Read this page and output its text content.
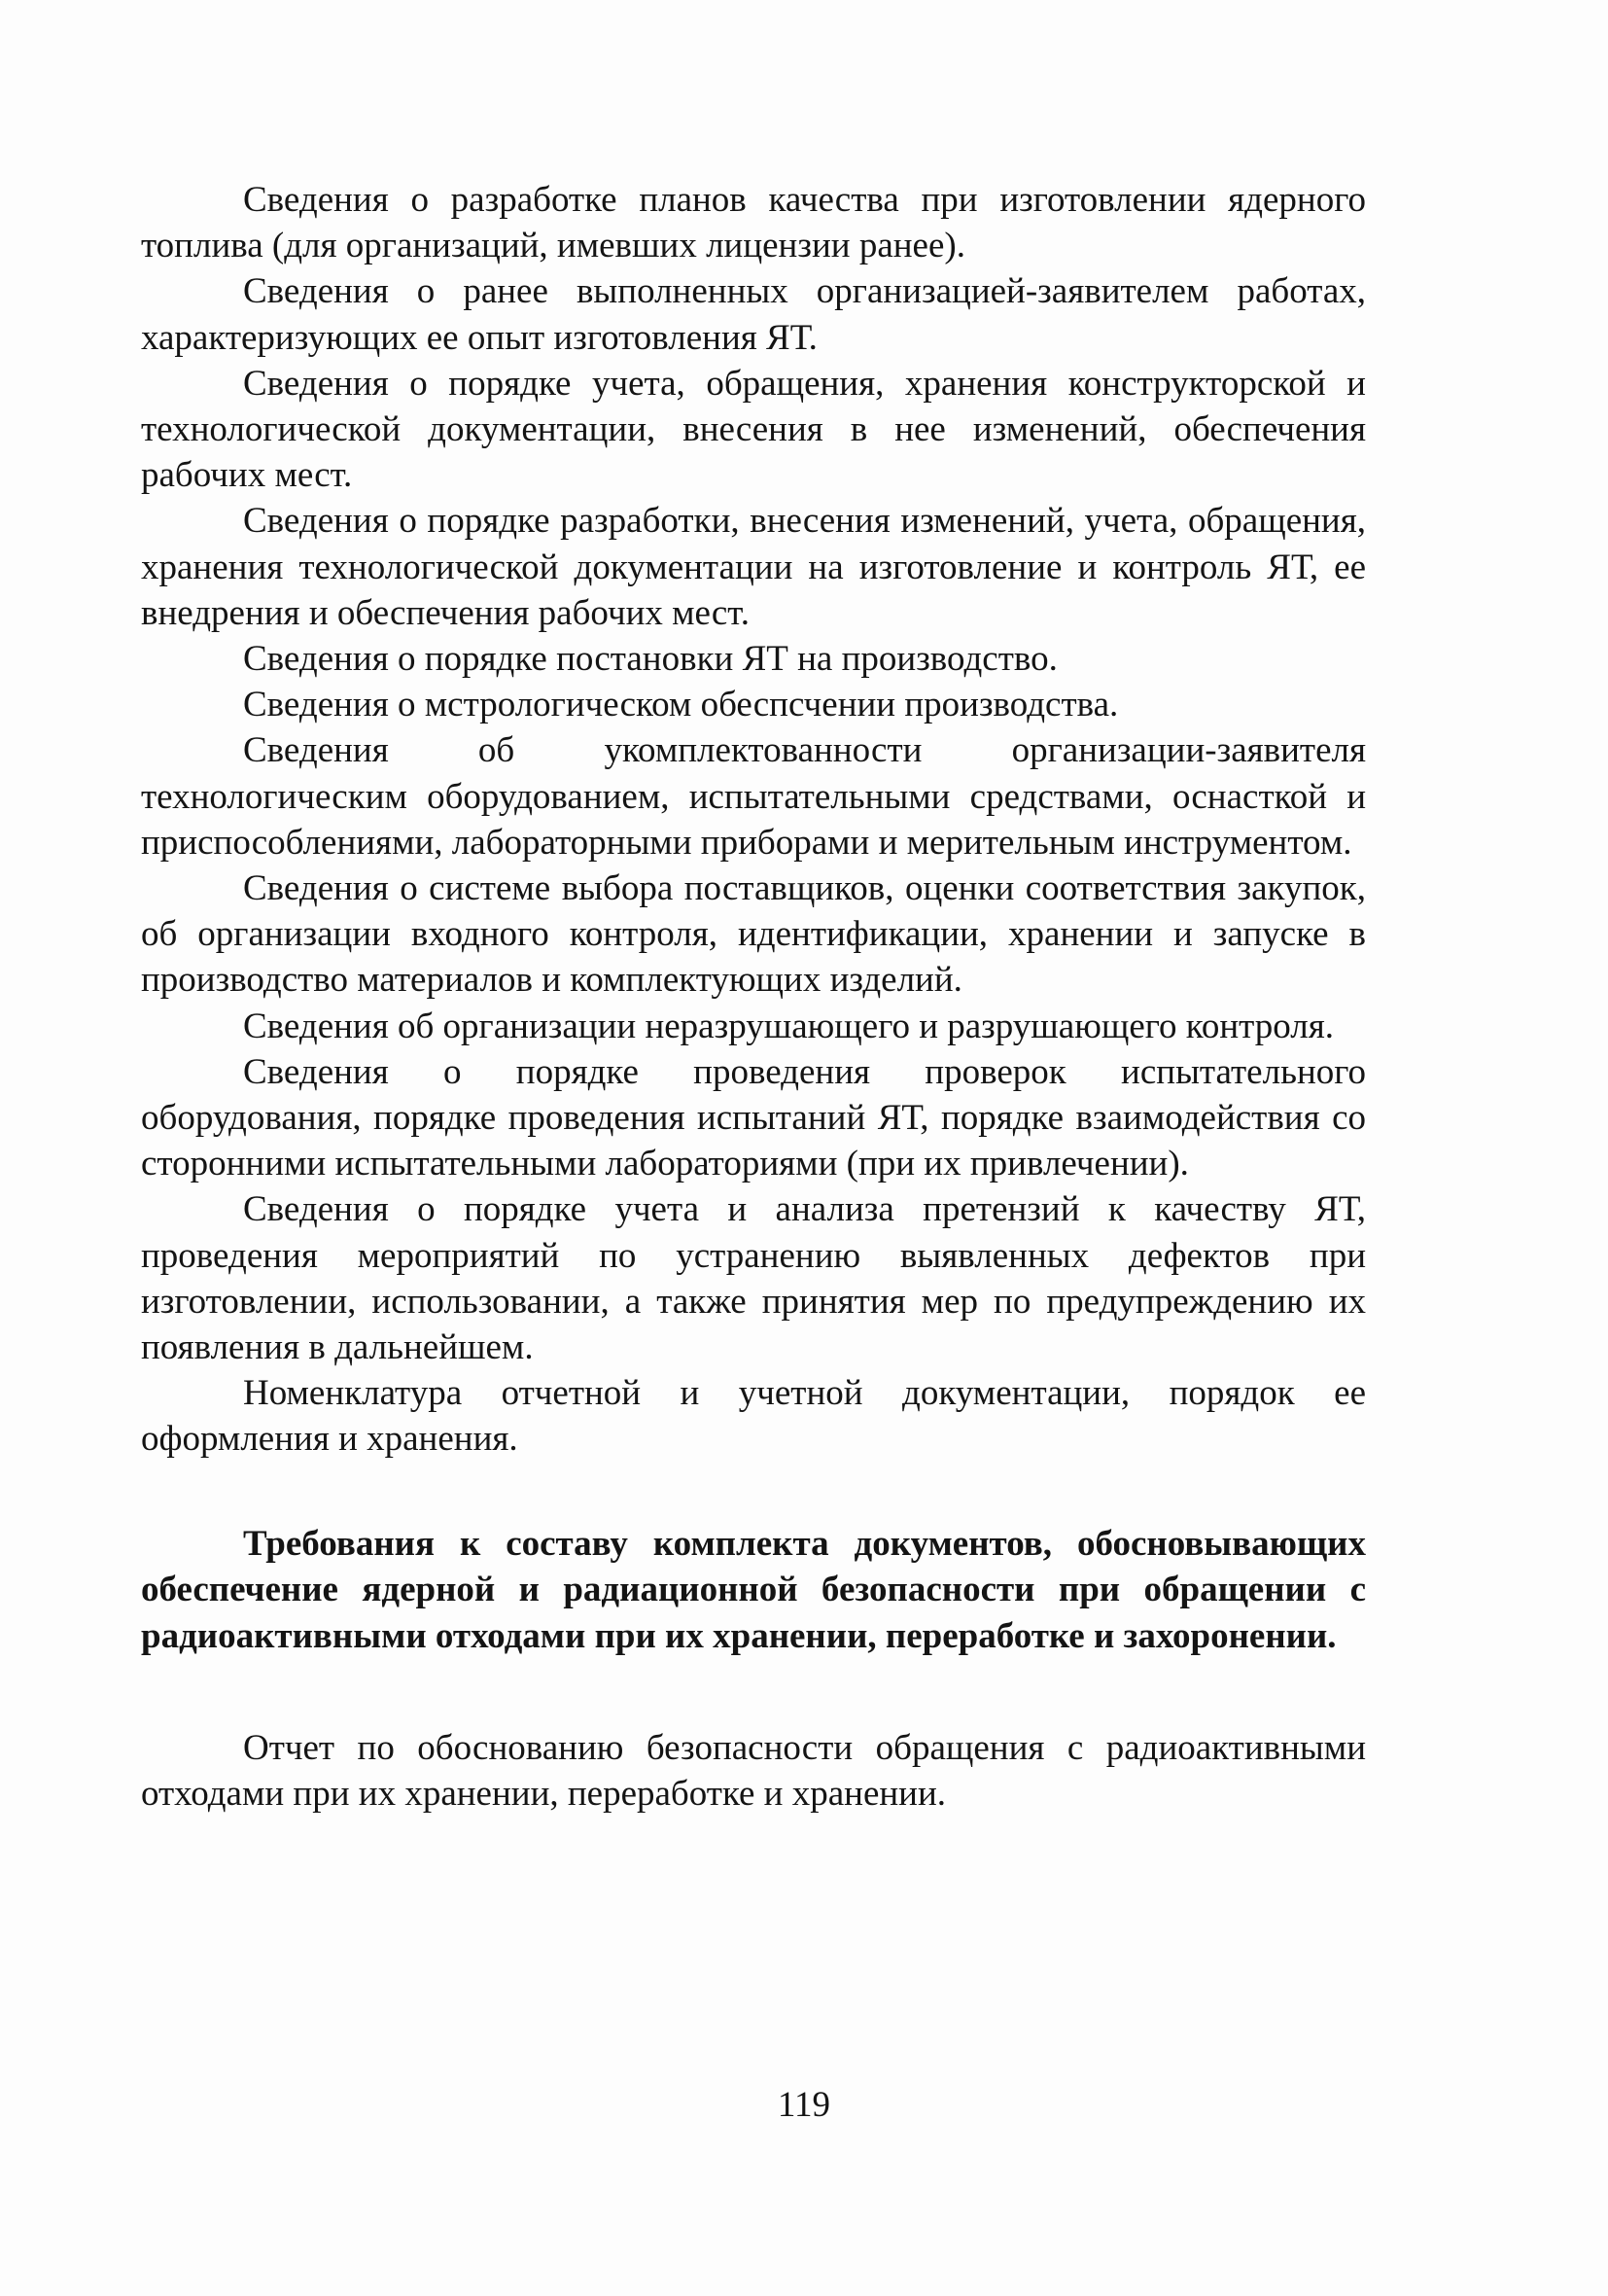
Сведения о разработке планов качества при изготовлении ядерного топлива (для организаций, имевших лицензии ранее).

Сведения о ранее выполненных организацией-заявителем работах, характеризующих ее опыт изготовления ЯТ.

Сведения о порядке учета, обращения, хранения конструкторской и технологической документации, внесения в нее изменений, обеспечения рабочих мест.

Сведения о порядке разработки, внесения изменений, учета, обращения, хранения технологической документации на изготовление и контроль ЯТ, ее внедрения и обеспечения рабочих мест.

Сведения о порядке постановки ЯТ на производство.

Сведения о мстрологическом обеспсчении производства.

Сведения об укомплектованности организации-заявителя технологическим оборудованием, испытательными средствами, оснасткой и приспособлениями, лабораторными приборами и мерительным инструментом.

Сведения о системе выбора поставщиков, оценки соответствия закупок, об организации входного контроля, идентификации, хранении и запуске в производство материалов и комплектующих изделий.

Сведения об организации неразрушающего и разрушающего контроля.

Сведения о порядке проведения проверок испытательного оборудования, порядке проведения испытаний ЯТ, порядке взаимодействия со сторонними испытательными лабораториями (при их привлечении).

Сведения о порядке учета и анализа претензий к качеству ЯТ, проведения мероприятий по устранению выявленных дефектов при изготовлении, использовании, а также принятия мер по предупреждению их появления в дальнейшем.

Номенклатура отчетной и учетной документации, порядок ее оформления и хранения.

Требования к составу комплекта документов, обосновывающих обеспечение ядерной и радиационной безопасности при обращении с радиоактивными отходами при их хранении, переработке и захоронении.

Отчет по обоснованию безопасности обращения с радиоактивными отходами при их хранении, переработке и хранении.

119
